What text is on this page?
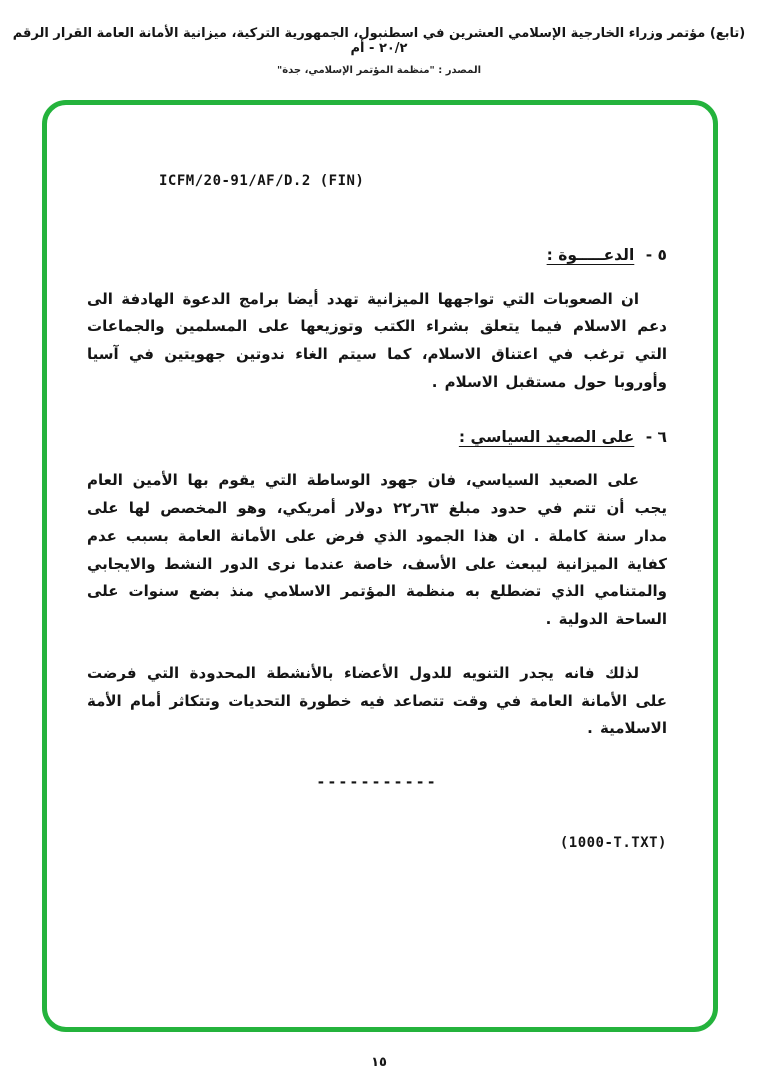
(تابع) مؤتمر وزراء الخارجية الإسلامي العشرين في اسطنبول، الجمهورية التركية، ميزانية الأمانة العامة القرار الرقم ٢٠/٢ - أم
المصدر : "منظمة المؤتمر الإسلامي، جدة"
ICFM/20-91/AF/D.2 (FIN)
٥ - الدعـــــوة :

ان الصعوبات التي تواجهها الميزانية تهدد أيضا برامج الدعوة الهادفة الى دعم الاسلام فيما يتعلق بشراء الكتب وتوزيعها على المسلمين والجماعات التي ترغب في اعتناق الاسلام، كما سيتم الغاء ندوتين جهويتين في آسيا وأوروبا حول مستقبل الاسلام .

٦ - على الصعيد السياسي :

على الصعيد السياسي، فان جهود الوساطة التي يقوم بها الأمين العام يجب أن تتم في حدود مبلغ ٦٣ر٢٢ دولار أمريكي، وهو المخصص لها على مدار سنة كاملة . ان هذا الجمود الذي فرض على الأمانة العامة بسبب عدم كفاية الميزانية ليبعث على الأسف، خاصة عندما نرى الدور النشط والايجابي والمتنامي الذي تضطلع به منظمة المؤتمر الاسلامي منذ بضع سنوات على الساحة الدولية .

لذلك فانه يجدر التنويه للدول الأعضاء بالأنشطة المحدودة التي فرضت على الأمانة العامة في وقت تتصاعد فيه خطورة التحديات وتتكاثر أمام الأمة الاسلامية .

-----------
(1000-T.TXT)
١٥
